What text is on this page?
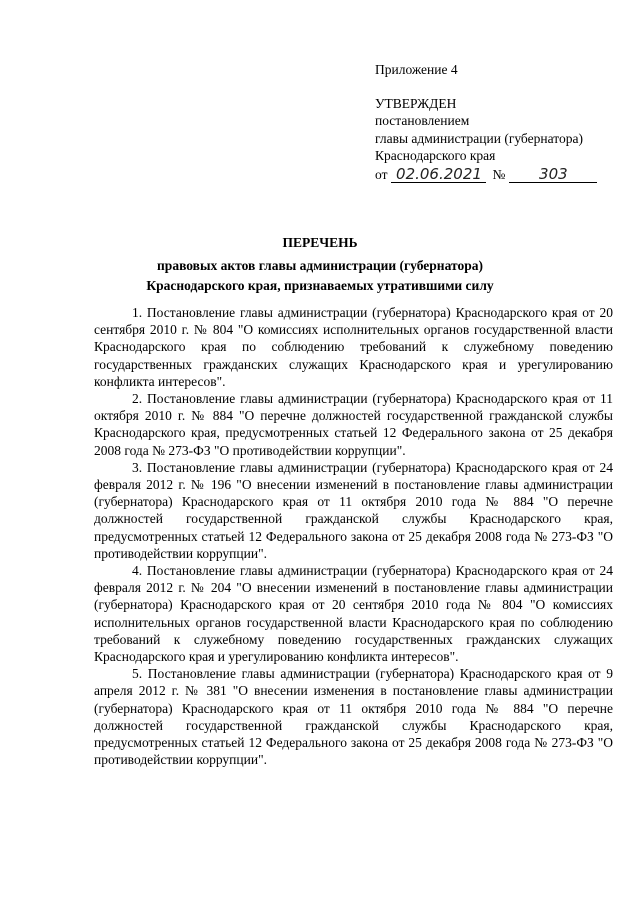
Приложение 4
УТВЕРЖДЕН
постановлением
главы администрации (губернатора)
Краснодарского края
от 02.06.2021 № 303
ПЕРЕЧЕНЬ
правовых актов главы администрации (губернатора)
Краснодарского края, признаваемых утратившими силу

1. Постановление главы администрации (губернатора) Краснодарского края от 20 сентября 2010 г. № 804 "О комиссиях исполнительных органов государственной власти Краснодарского края по соблюдению требований к служебному поведению государственных гражданских служащих Краснодарского края и урегулированию конфликта интересов".

2. Постановление главы администрации (губернатора) Краснодарского края от 11 октября 2010 г. № 884 "О перечне должностей государственной гражданской службы Краснодарского края, предусмотренных статьей 12 Федерального закона от 25 декабря 2008 года № 273-ФЗ "О противодействии коррупции".

3. Постановление главы администрации (губернатора) Краснодарского края от 24 февраля 2012 г. № 196 "О внесении изменений в постановление главы администрации (губернатора) Краснодарского края от 11 октября 2010 года № 884 "О перечне должностей государственной гражданской службы Краснодарского края, предусмотренных статьей 12 Федерального закона от 25 декабря 2008 года № 273-ФЗ "О противодействии коррупции".

4. Постановление главы администрации (губернатора) Краснодарского края от 24 февраля 2012 г. № 204 "О внесении изменений в постановление главы администрации (губернатора) Краснодарского края от 20 сентября 2010 года № 804 "О комиссиях исполнительных органов государственной власти Краснодарского края по соблюдению требований к служебному поведению государственных гражданских служащих Краснодарского края и урегулированию конфликта интересов".

5. Постановление главы администрации (губернатора) Краснодарского края от 9 апреля 2012 г. № 381 "О внесении изменения в постановление главы администрации (губернатора) Краснодарского края от 11 октября 2010 года № 884 "О перечне должностей государственной гражданской службы Краснодарского края, предусмотренных статьей 12 Федерального закона от 25 декабря 2008 года № 273-ФЗ "О противодействии коррупции".
